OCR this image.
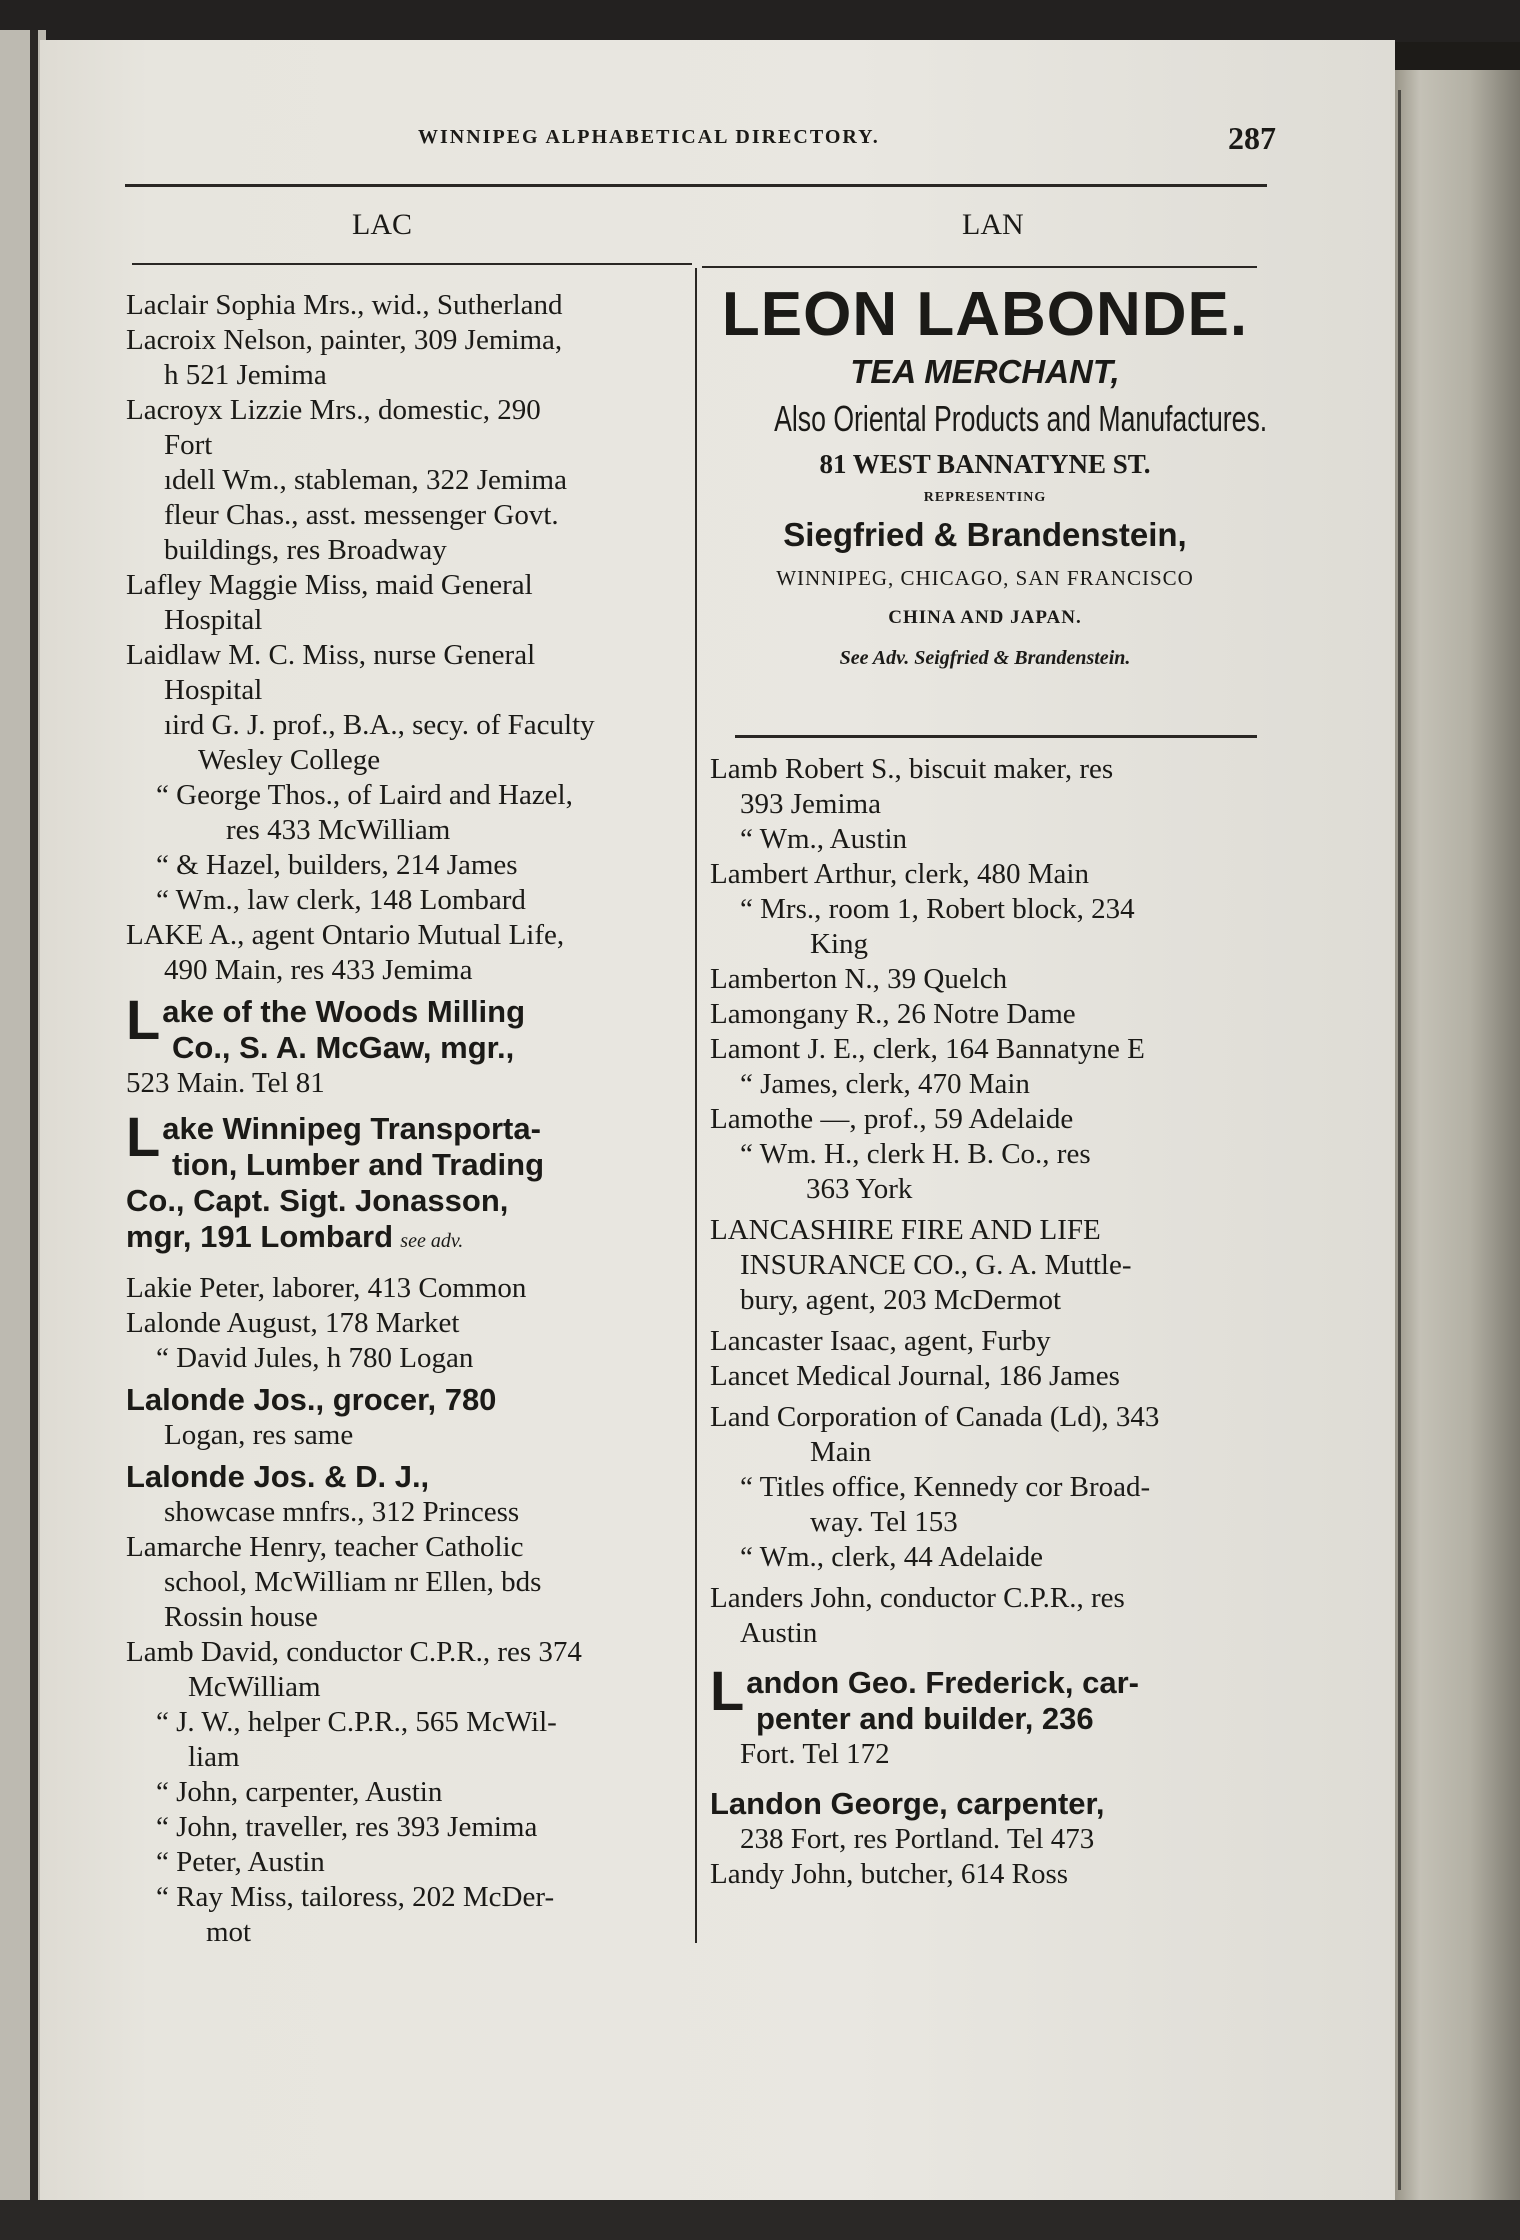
WINNIPEG ALPHABETICAL DIRECTORY.	287
LAC	LAN
Laclair Sophia Mrs., wid., Sutherland
Lacroix Nelson, painter, 309 Jemima,
h 521 Jemima
Lacroyx Lizzie Mrs., domestic, 290
Fort
ıdell Wm., stableman, 322 Jemima
fleur Chas., asst. messenger Govt.
buildings, res Broadway
Lafley Maggie Miss, maid General
Hospital
Laidlaw M. C. Miss, nurse General
Hospital
ıird G. J. prof., B.A., secy. of Faculty
Wesley College
“ George Thos., of Laird and Hazel,
res 433 McWilliam
“ & Hazel, builders, 214 James
“ Wm., law clerk, 148 Lombard
LAKE A., agent Ontario Mutual Life,
490 Main, res 433 Jemima
L ake of the Woods Milling
Co., S. A. McGaw, mgr.,
523 Main. Tel 81
L ake Winnipeg Transporta-
tion, Lumber and Trading
Co., Capt. Sigt. Jonasson,
mgr, 191 Lombard see adv.
Lakie Peter, laborer, 413 Common
Lalonde August, 178 Market
“ David Jules, h 780 Logan
Lalonde Jos., grocer, 780
Logan, res same
Lalonde Jos. & D. J.,
showcase mnfrs., 312 Princess
Lamarche Henry, teacher Catholic
school, McWilliam nr Ellen, bds
Rossin house
Lamb David, conductor C.P.R., res 374
McWilliam
“ J. W., helper C.P.R., 565 McWil-
liam
“ John, carpenter, Austin
“ John, traveller, res 393 Jemima
“ Peter, Austin
“ Ray Miss, tailoress, 202 McDer-
mot
LEON LABONDE.
TEA MERCHANT,
Also Oriental Products and Manufactures.
81 WEST BANNATYNE ST.
REPRESENTING
Siegfried & Brandenstein,
WINNIPEG, CHICAGO, SAN FRANCISCO
CHINA AND JAPAN.
See Adv. Seigfried & Brandenstein.
Lamb Robert S., biscuit maker, res
393 Jemima
“ Wm., Austin
Lambert Arthur, clerk, 480 Main
“ Mrs., room 1, Robert block, 234
King
Lamberton N., 39 Quelch
Lamongany R., 26 Notre Dame
Lamont J. E., clerk, 164 Bannatyne E
“ James, clerk, 470 Main
Lamothe —, prof., 59 Adelaide
“ Wm. H., clerk H. B. Co., res
363 York
LANCASHIRE FIRE AND LIFE
INSURANCE CO., G. A. Muttle-
bury, agent, 203 McDermot
Lancaster Isaac, agent, Furby
Lancet Medical Journal, 186 James
Land Corporation of Canada (Ld), 343
Main
“ Titles office, Kennedy cor Broad-
way. Tel 153
“ Wm., clerk, 44 Adelaide
Landers John, conductor C.P.R., res
Austin
L andon Geo. Frederick, car-
penter and builder, 236
Fort. Tel 172
Landon George, carpenter,
238 Fort, res Portland. Tel 473
Landy John, butcher, 614 Ross
